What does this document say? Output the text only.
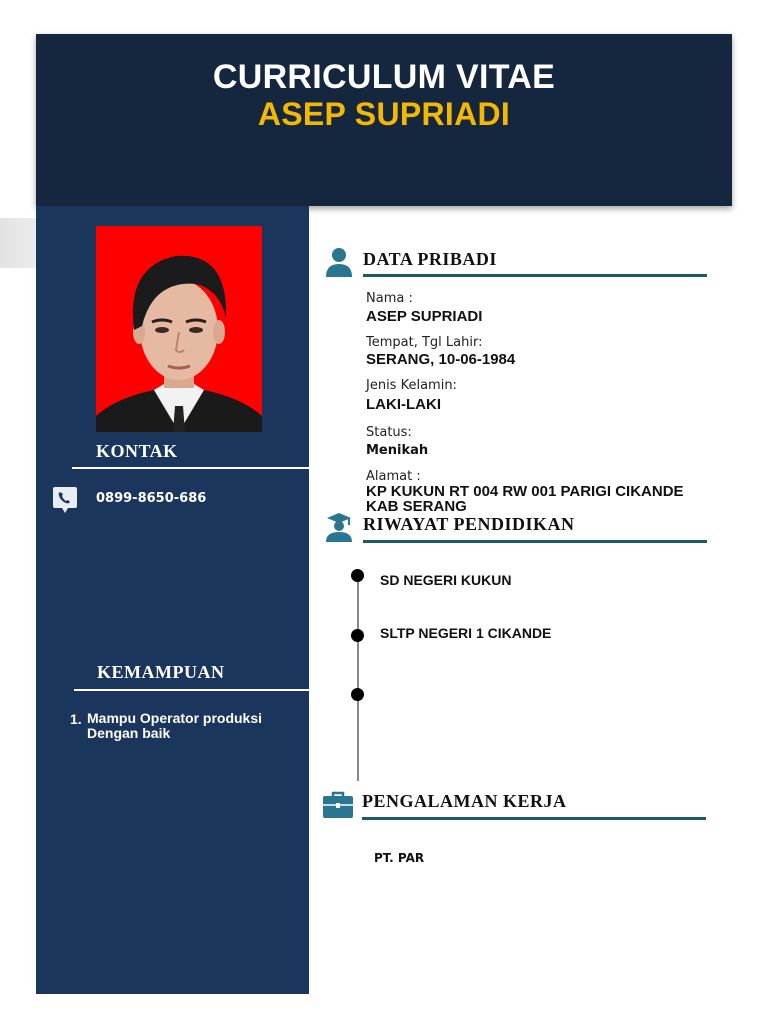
CURRICULUM VITAE
ASEP SUPRIADI
KONTAK
0899-8650-686
KEMAMPUAN
1. Mampu Operator produksi Dengan baik
DATA PRIBADI
Nama :
ASEP SUPRIADI
Tempat, Tgl Lahir:
SERANG, 10-06-1984
Jenis Kelamin:
LAKI-LAKI
Status:
Menikah
Alamat :
KP KUKUN RT 004 RW 001 PARIGI CIKANDE KAB SERANG
RIWAYAT PENDIDIKAN
SD NEGERI KUKUN
SLTP NEGERI 1 CIKANDE
PENGALAMAN KERJA
PT. PAR
